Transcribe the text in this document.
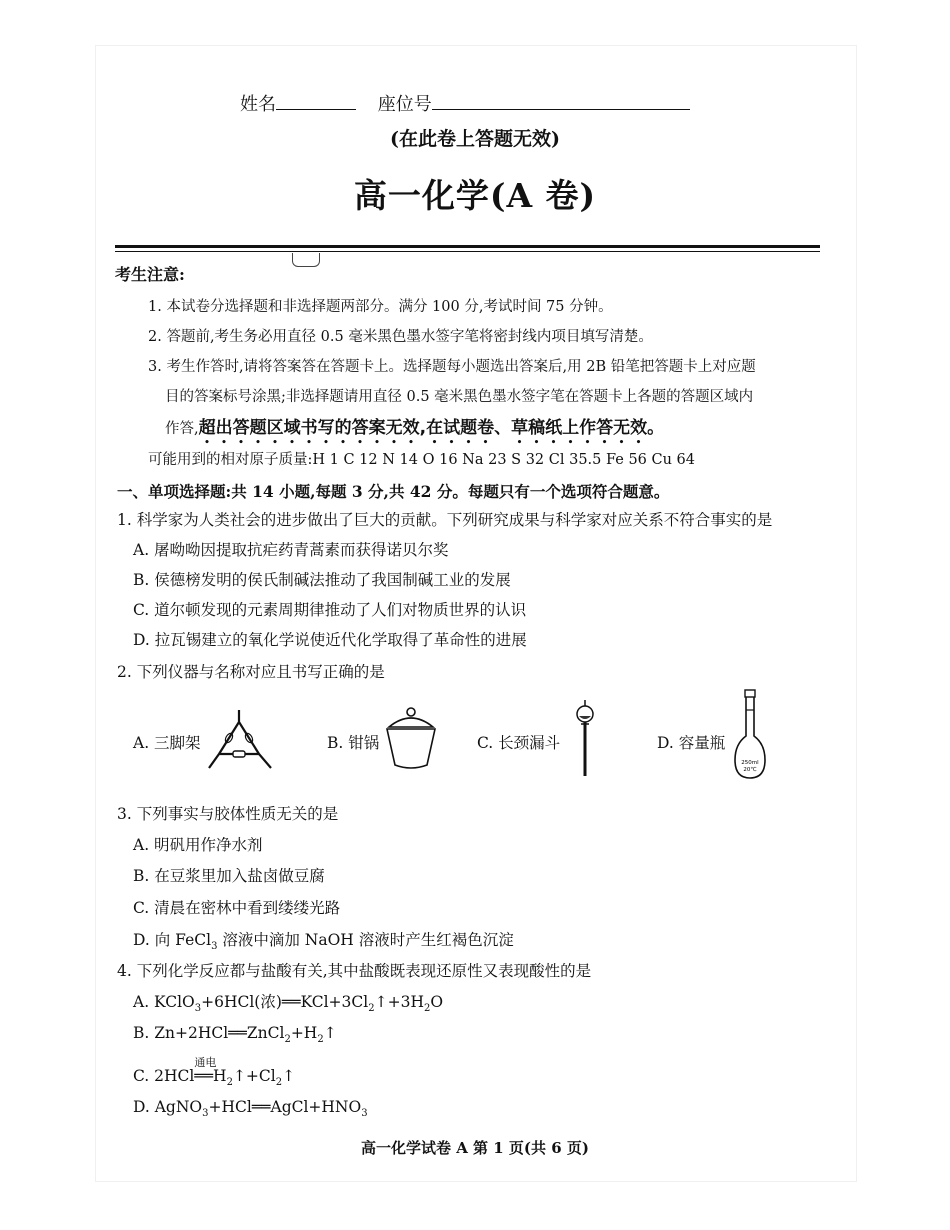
姓名	座位号
(在此卷上答题无效)
高一化学(A 卷)
考生注意:
1. 本试卷分选择题和非选择题两部分。满分 100 分,考试时间 75 分钟。
2. 答题前,考生务必用直径 0.5 毫米黑色墨水签字笔将密封线内项目填写清楚。
3. 考生作答时,请将答案答在答题卡上。选择题每小题选出答案后,用 2B 铅笔把答题卡上对应题
目的答案标号涂黑;非选择题请用直径 0.5 毫米黑色墨水签字笔在答题卡上各题的答题区域内
作答,超出答题区域书写的答案无效,在试题卷、草稿纸上作答无效。
可能用到的相对原子质量:H 1 C 12 N 14 O 16 Na 23 S 32 Cl 35.5 Fe 56 Cu 64
一、单项选择题:共 14 小题,每题 3 分,共 42 分。每题只有一个选项符合题意。
1. 科学家为人类社会的进步做出了巨大的贡献。下列研究成果与科学家对应关系不符合事实的是
A. 屠呦呦因提取抗疟药青蒿素而获得诺贝尔奖
B. 侯德榜发明的侯氏制碱法推动了我国制碱工业的发展
C. 道尔顿发现的元素周期律推动了人们对物质世界的认识
D. 拉瓦锡建立的氧化学说使近代化学取得了革命性的进展
2. 下列仪器与名称对应且书写正确的是
A. 三脚架	B. 钳锅	C. 长颈漏斗	D. 容量瓶
250ml
20℃
3. 下列事实与胶体性质无关的是
A. 明矾用作净水剂
B. 在豆浆里加入盐卤做豆腐
C. 清晨在密林中看到缕缕光路
D. 向 FeCl$_3$ 溶液中滴加 NaOH 溶液时产生红褐色沉淀
4. 下列化学反应都与盐酸有关,其中盐酸既表现还原性又表现酸性的是
A. KClO$_3$+6HCl(浓)$══KCl+3Cl_2↑+3H_2O$
B. $Zn+2HCl══ZnCl_2+H_2↑$
C. 2HCl
通电
$══H_2↑+Cl_2↑$
D. $AgNO_3+HCl══AgCl+HNO_3$
高一化学试卷 A 第 1 页(共 6 页)
